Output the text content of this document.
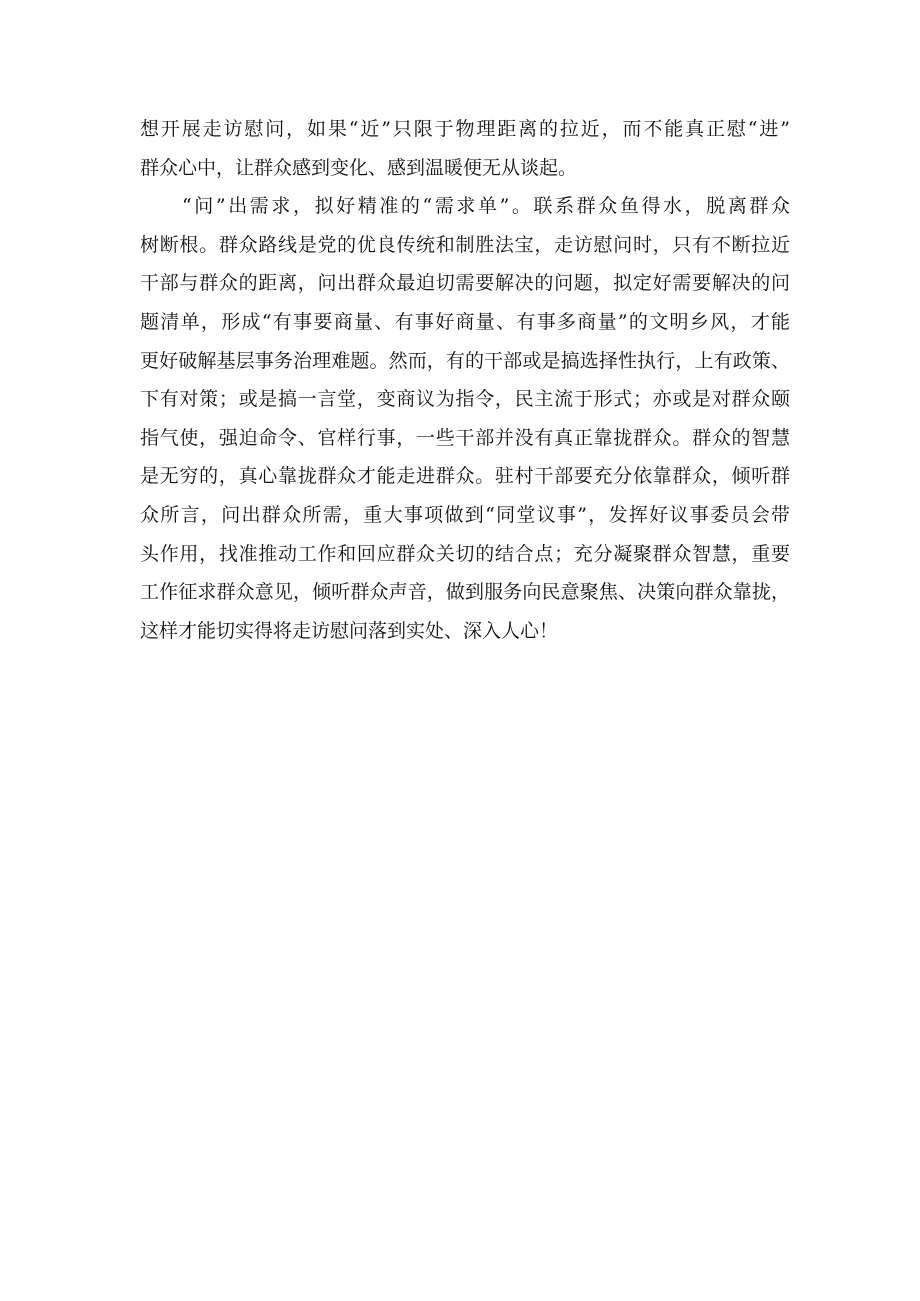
想开展走访慰问，如果“近”只限于物理距离的拉近，而不能真正慰“进”
群众心中，让群众感到变化、感到温暖便无从谈起。
“问”出需求，拟好精准的“需求单”。联系群众鱼得水，脱离群众
树断根。群众路线是党的优良传统和制胜法宝，走访慰问时，只有不断拉近
干部与群众的距离，问出群众最迫切需要解决的问题，拟定好需要解决的问
题清单，形成“有事要商量、有事好商量、有事多商量”的文明乡风，才能
更好破解基层事务治理难题。然而，有的干部或是搞选择性执行，上有政策、
下有对策；或是搞一言堂，变商议为指令，民主流于形式；亦或是对群众颐
指气使，强迫命令、官样行事，一些干部并没有真正靠拢群众。群众的智慧
是无穷的，真心靠拢群众才能走进群众。驻村干部要充分依靠群众，倾听群
众所言，问出群众所需，重大事项做到“同堂议事”，发挥好议事委员会带
头作用，找准推动工作和回应群众关切的结合点；充分凝聚群众智慧，重要
工作征求群众意见，倾听群众声音，做到服务向民意聚焦、决策向群众靠拢，
这样才能切实得将走访慰问落到实处、深入人心！
